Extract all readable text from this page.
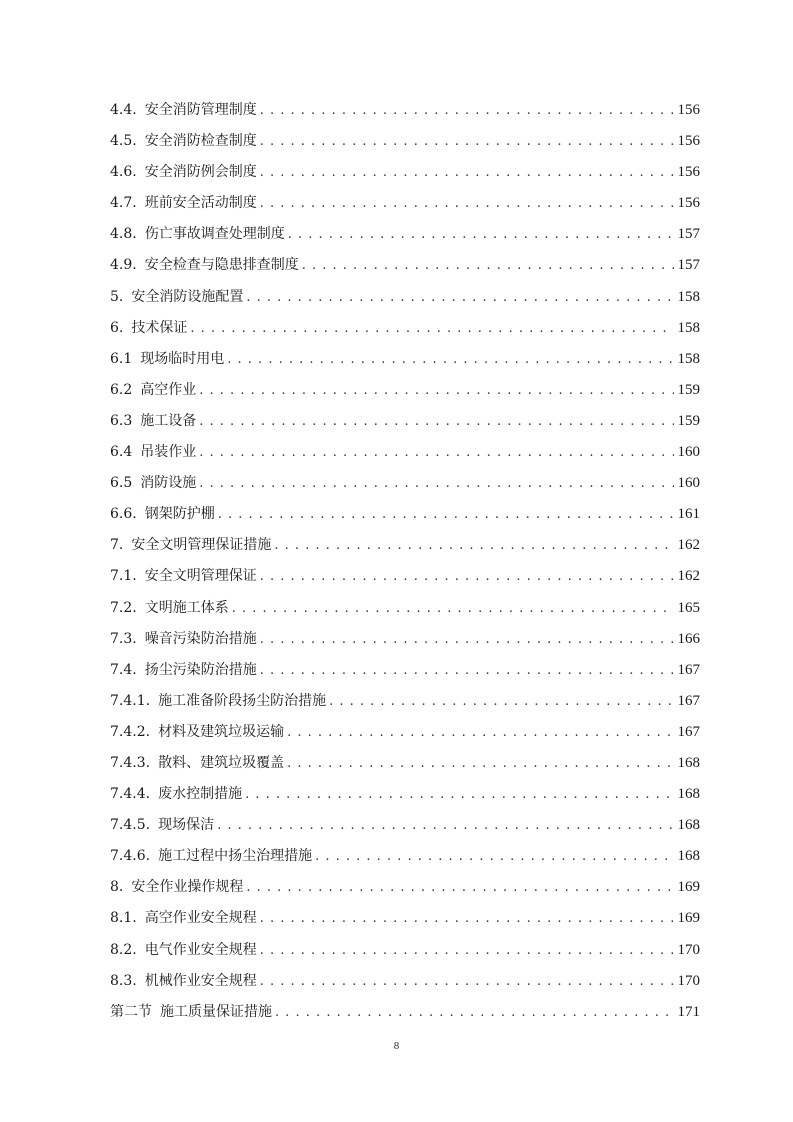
4.4. 安全消防管理制度 . . .	156
4.5. 安全消防检查制度 . . .	156
4.6. 安全消防例会制度 . . .	156
4.7. 班前安全活动制度 . . .	156
4.8. 伤亡事故调查处理制度 . . .	157
4.9. 安全检查与隐患排查制度 . . .	157
5. 安全消防设施配置 . . .	158
6. 技术保证 . . .	158
6.1 现场临时用电 . . .	158
6.2 高空作业 . . .	159
6.3 施工设备 . . .	159
6.4 吊装作业 . . .	160
6.5 消防设施 . . .	160
6.6. 钢架防护棚 . . .	161
7. 安全文明管理保证措施 . . .	162
7.1. 安全文明管理保证 . . .	162
7.2. 文明施工体系 . . .	165
7.3. 噪音污染防治措施 . . .	166
7.4. 扬尘污染防治措施 . . .	167
7.4.1. 施工准备阶段扬尘防治措施 . . .	167
7.4.2. 材料及建筑垃圾运输 . . .	167
7.4.3. 散料、建筑垃圾覆盖 . . .	168
7.4.4. 废水控制措施 . . .	168
7.4.5. 现场保洁 . . .	168
7.4.6. 施工过程中扬尘治理措施 . . .	168
8. 安全作业操作规程 . . .	169
8.1. 高空作业安全规程 . . .	169
8.2. 电气作业安全规程 . . .	170
8.3. 机械作业安全规程 . . .	170
第二节 施工质量保证措施 . . .	171
8
